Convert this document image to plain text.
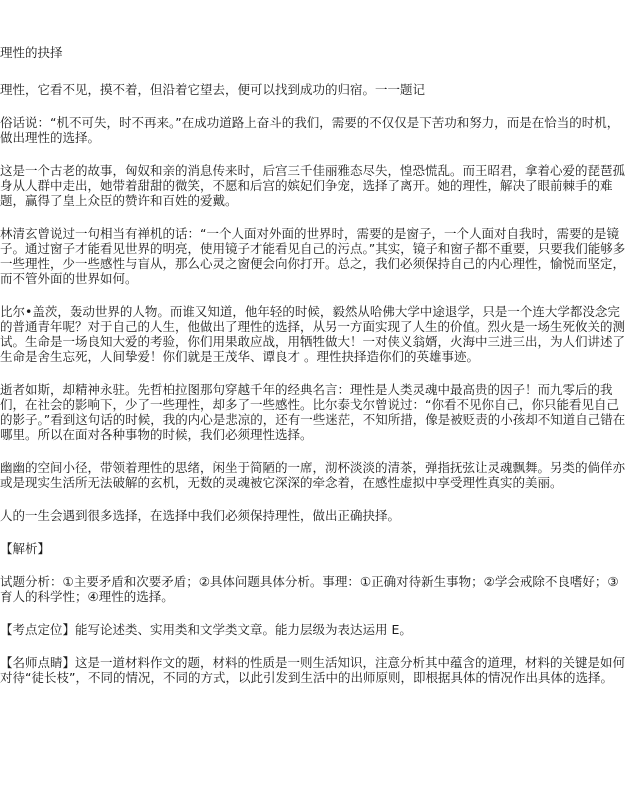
理性的抉择

理性，它看不见，摸不着，但沿着它望去，便可以找到成功的归宿。一一题记

俗话说：“机不可失，时不再来。”在成功道路上奋斗的我们，需要的不仅仅是下苦功和努力，而是在恰当的时机，做出理性的选择。

这是一个古老的故事，匈奴和亲的消息传来时，后宫三千佳丽雅态尽失，惶恐慌乱。而王昭君，拿着心爱的琵琶孤身从人群中走出，她带着甜甜的微笑，不愿和后宫的嫔妃们争宠，选择了离开。她的理性，解决了眼前棘手的难题，赢得了皇上众臣的赞许和百姓的爱戴。

林清玄曾说过一句相当有禅机的话：“一个人面对外面的世界时，需要的是窗子，一个人面对自我时，需要的是镜子。通过窗子才能看见世界的明亮，使用镜子才能看见自己的污点。”其实，镜子和窗子都不重要，只要我们能够多一些理性，少一些感性与盲从，那么心灵之窗便会向你打开。总之，我们必须保持自己的内心理性，愉悦而坚定，而不管外面的世界如何。

比尔•盖茨，轰动世界的人物。而谁又知道，他年轻的时候，毅然从哈佛大学中途退学，只是一个连大学都没念完的普通青年呢？对于自己的人生，他做出了理性的选择，从另一方面实现了人生的价值。烈火是一场生死攸关的测试。生命是一场良知大爱的考验，你们用果敢应战，用牺牲做大！一对侠义翁婿，火海中三进三出，为人们讲述了生命是舍生忘死，人间挚爱！你们就是王茂华、谭良才 。理性抉择造你们的英雄事迹。

逝者如斯，却精神永驻。先哲柏拉图那句穿越千年的经典名言：理性是人类灵魂中最高贵的因子！而九零后的我们，在社会的影响下，少了一些理性，却多了一些感性。比尔泰戈尔曾说过：“你看不见你自己，你只能看见自己的影子。”看到这句话的时候，我的内心是悲凉的，还有一些迷茫，不知所措，像是被贬责的小孩却不知道自己错在哪里。所以在面对各种事物的时候，我们必须理性选择。

幽幽的空间小径，带领着理性的思绪，闲坐于简陋的一席，沏杯淡淡的清茶，弹指抚弦让灵魂飘舞。另类的倘佯亦或是现实生活所无法破解的玄机，无数的灵魂被它深深的牵念着，在感性虚拟中享受理性真实的美丽。

人的一生会遇到很多选择，在选择中我们必须保持理性，做出正确抉择。

【解析】

试题分析：①主要矛盾和次要矛盾；②具体问题具体分析。事理：①正确对待新生事物；②学会戒除不良嗜好；③育人的科学性；④理性的选择。

【考点定位】能写论述类、实用类和文学类文章。能力层级为表达运用 E。

【名师点睛】这是一道材料作文的题，材料的性质是一则生活知识，注意分析其中蕴含的道理，材料的关键是如何对待“徒长枝”，不同的情况，不同的方式，以此引发到生活中的出师原则，即根据具体的情况作出具体的选择。
